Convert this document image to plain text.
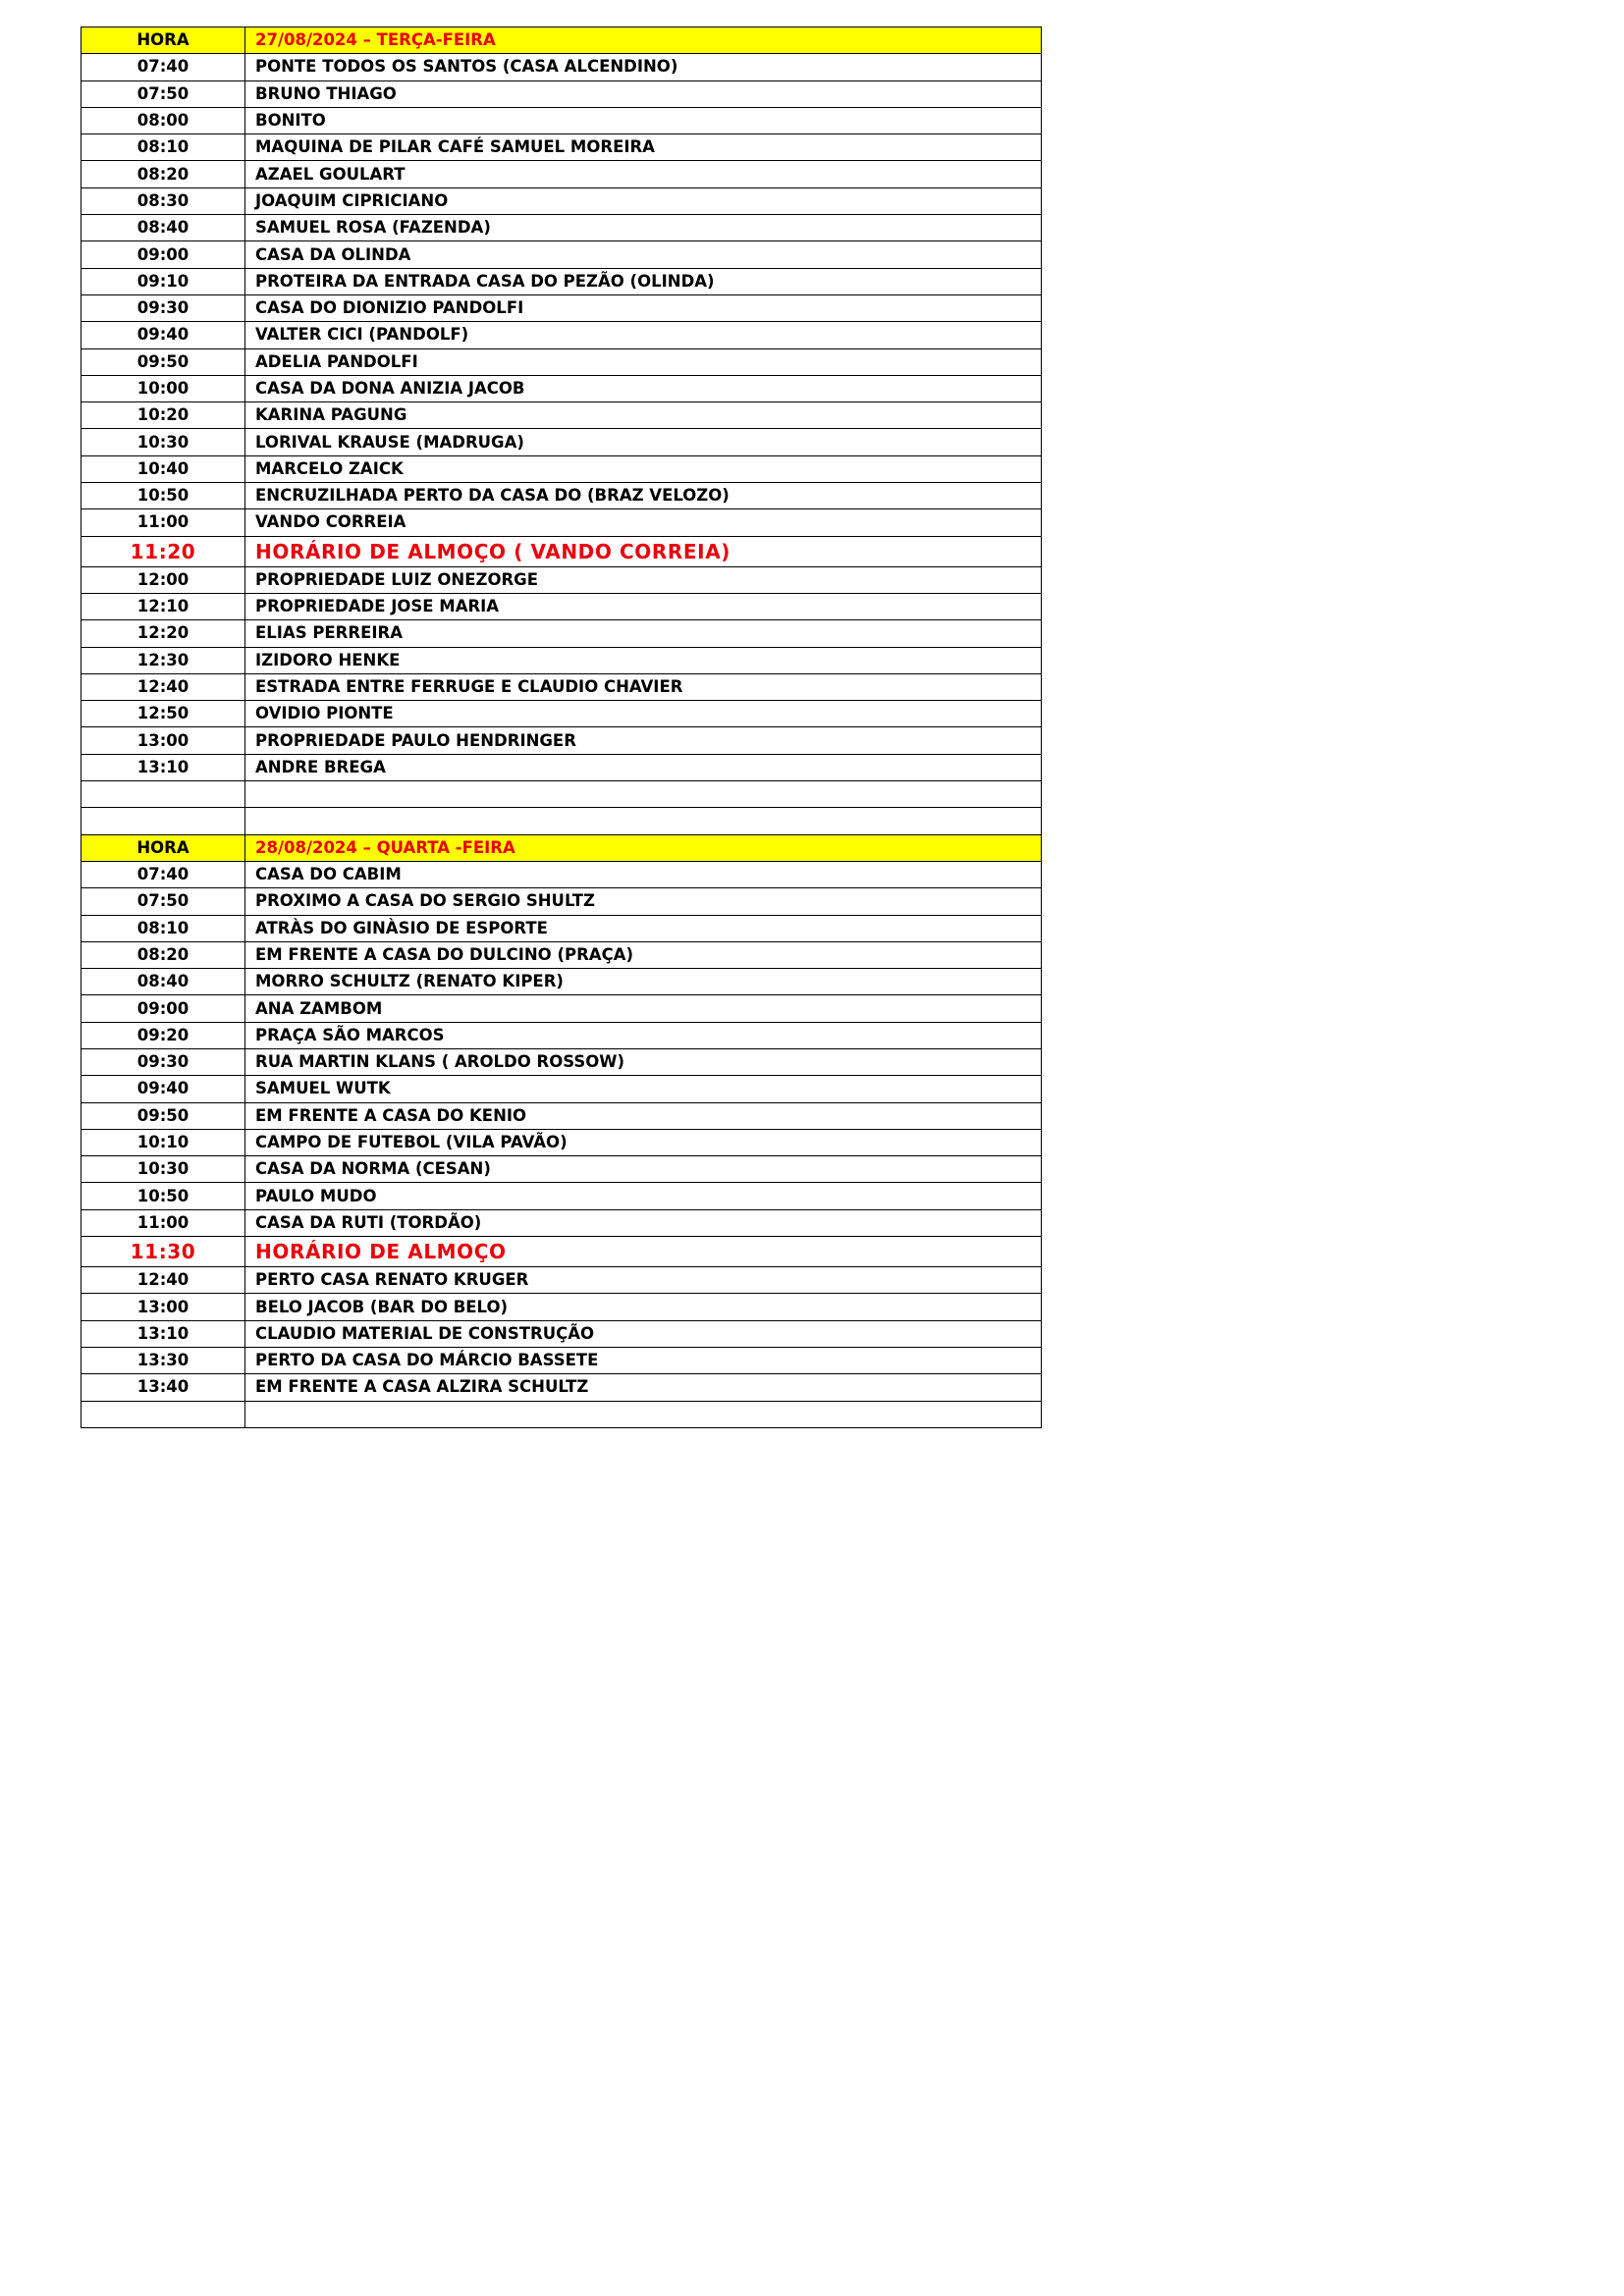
HORA	27/08/2024 – TERÇA-FEIRA
07:40	PONTE TODOS OS SANTOS (CASA ALCENDINO)
07:50	BRUNO THIAGO
08:00	BONITO
08:10	MAQUINA DE PILAR CAFÉ SAMUEL MOREIRA
08:20	AZAEL GOULART
08:30	JOAQUIM CIPRICIANO
08:40	SAMUEL ROSA (FAZENDA)
09:00	CASA DA OLINDA
09:10	PROTEIRA DA ENTRADA CASA DO PEZÃO (OLINDA)
09:30	CASA DO DIONIZIO PANDOLFI
09:40	VALTER CICI (PANDOLF)
09:50	ADELIA PANDOLFI
10:00	CASA DA DONA ANIZIA JACOB
10:20	KARINA PAGUNG
10:30	LORIVAL KRAUSE (MADRUGA)
10:40	MARCELO ZAICK
10:50	ENCRUZILHADA PERTO DA CASA DO (BRAZ VELOZO)
11:00	VANDO CORREIA
11:20	HORÁRIO DE ALMOÇO ( VANDO CORREIA)
12:00	PROPRIEDADE LUIZ ONEZORGE
12:10	PROPRIEDADE JOSE MARIA
12:20	ELIAS PERREIRA
12:30	IZIDORO HENKE
12:40	ESTRADA ENTRE FERRUGE E CLAUDIO CHAVIER
12:50	OVIDIO PIONTE
13:00	PROPRIEDADE PAULO HENDRINGER
13:10	ANDRE BREGA

HORA	28/08/2024 – QUARTA -FEIRA
07:40	CASA DO CABIM
07:50	PROXIMO A CASA DO SERGIO SHULTZ
08:10	ATRÀS DO GINÀSIO DE ESPORTE
08:20	EM FRENTE A CASA DO DULCINO (PRAÇA)
08:40	MORRO SCHULTZ (RENATO KIPER)
09:00	ANA ZAMBOM
09:20	PRAÇA SÃO MARCOS
09:30	RUA MARTIN KLANS ( AROLDO ROSSOW)
09:40	SAMUEL WUTK
09:50	EM FRENTE A CASA DO KENIO
10:10	CAMPO DE FUTEBOL (VILA PAVÃO)
10:30	CASA DA NORMA (CESAN)
10:50	PAULO MUDO
11:00	CASA DA RUTI (TORDÃO)
11:30	HORÁRIO DE ALMOÇO
12:40	PERTO CASA RENATO KRUGER
13:00	BELO JACOB (BAR DO BELO)
13:10	CLAUDIO MATERIAL DE CONSTRUÇÃO
13:30	PERTO DA CASA DO MÁRCIO BASSETE
13:40	EM FRENTE A CASA ALZIRA SCHULTZ
